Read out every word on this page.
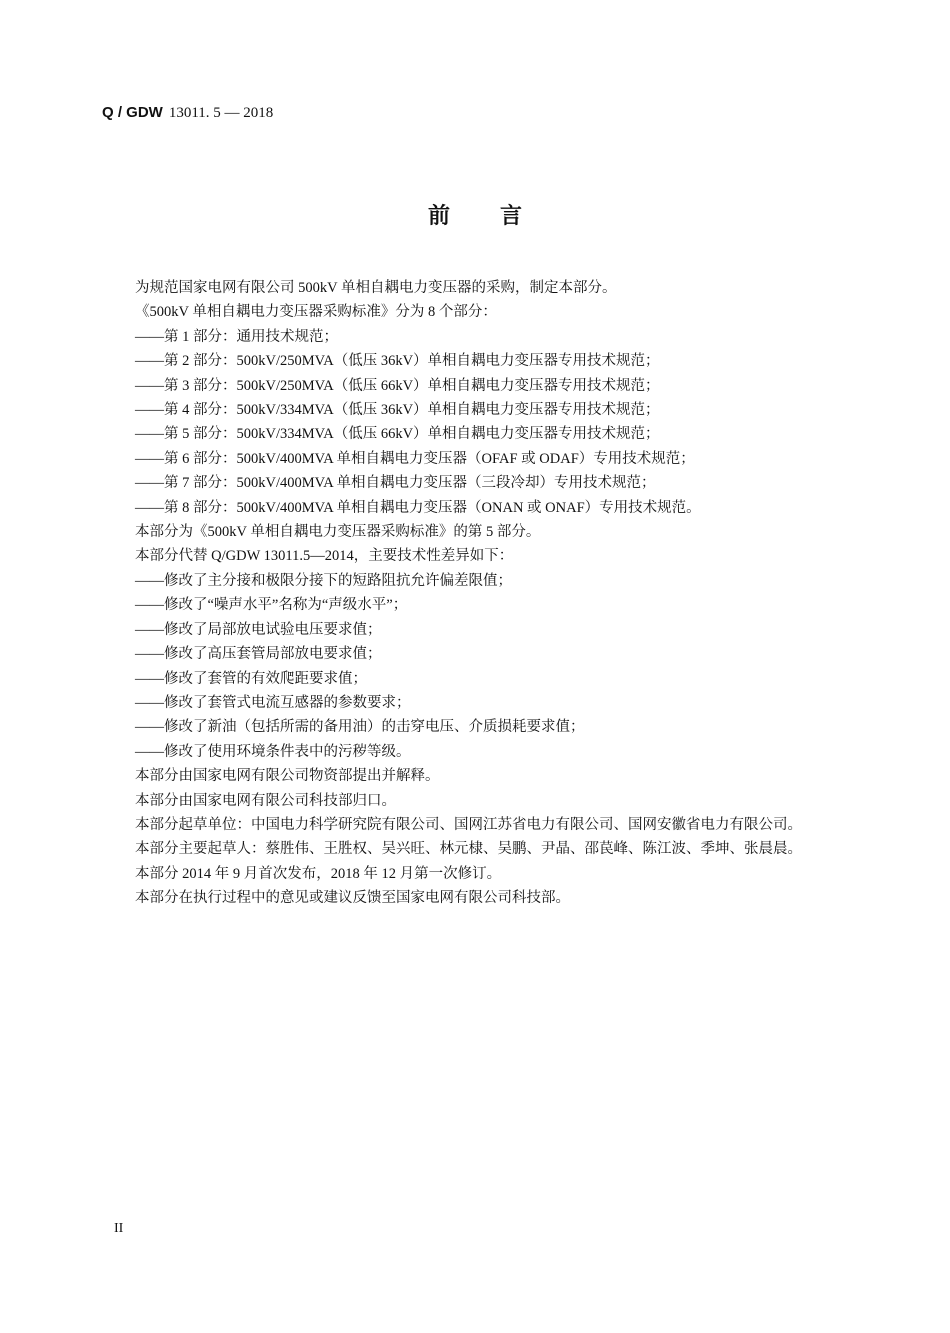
Q / GDW 13011. 5 — 2018
前言

为规范国家电网有限公司 500kV 单相自耦电力变压器的采购，制定本部分。

《500kV 单相自耦电力变压器采购标准》分为 8 个部分：

——第 1 部分：通用技术规范；

——第 2 部分：500kV/250MVA（低压 36kV）单相自耦电力变压器专用技术规范；

——第 3 部分：500kV/250MVA（低压 66kV）单相自耦电力变压器专用技术规范；

——第 4 部分：500kV/334MVA（低压 36kV）单相自耦电力变压器专用技术规范；

——第 5 部分：500kV/334MVA（低压 66kV）单相自耦电力变压器专用技术规范；

——第 6 部分：500kV/400MVA 单相自耦电力变压器（OFAF 或 ODAF）专用技术规范；

——第 7 部分：500kV/400MVA 单相自耦电力变压器（三段冷却）专用技术规范；

——第 8 部分：500kV/400MVA 单相自耦电力变压器（ONAN 或 ONAF）专用技术规范。

本部分为《500kV 单相自耦电力变压器采购标准》的第 5 部分。

本部分代替 Q/GDW 13011.5—2014，主要技术性差异如下：

——修改了主分接和极限分接下的短路阻抗允许偏差限值；

——修改了“噪声水平”名称为“声级水平”；

——修改了局部放电试验电压要求值；

——修改了高压套管局部放电要求值；

——修改了套管的有效爬距要求值；

——修改了套管式电流互感器的参数要求；

——修改了新油（包括所需的备用油）的击穿电压、介质损耗要求值；

——修改了使用环境条件表中的污秽等级。

本部分由国家电网有限公司物资部提出并解释。

本部分由国家电网有限公司科技部归口。

本部分起草单位：中国电力科学研究院有限公司、国网江苏省电力有限公司、国网安徽省电力有限公司。

本部分主要起草人：蔡胜伟、王胜权、吴兴旺、林元棣、吴鹏、尹晶、邵苠峰、陈江波、季坤、张晨晨。

本部分 2014 年 9 月首次发布，2018 年 12 月第一次修订。

本部分在执行过程中的意见或建议反馈至国家电网有限公司科技部。

II
